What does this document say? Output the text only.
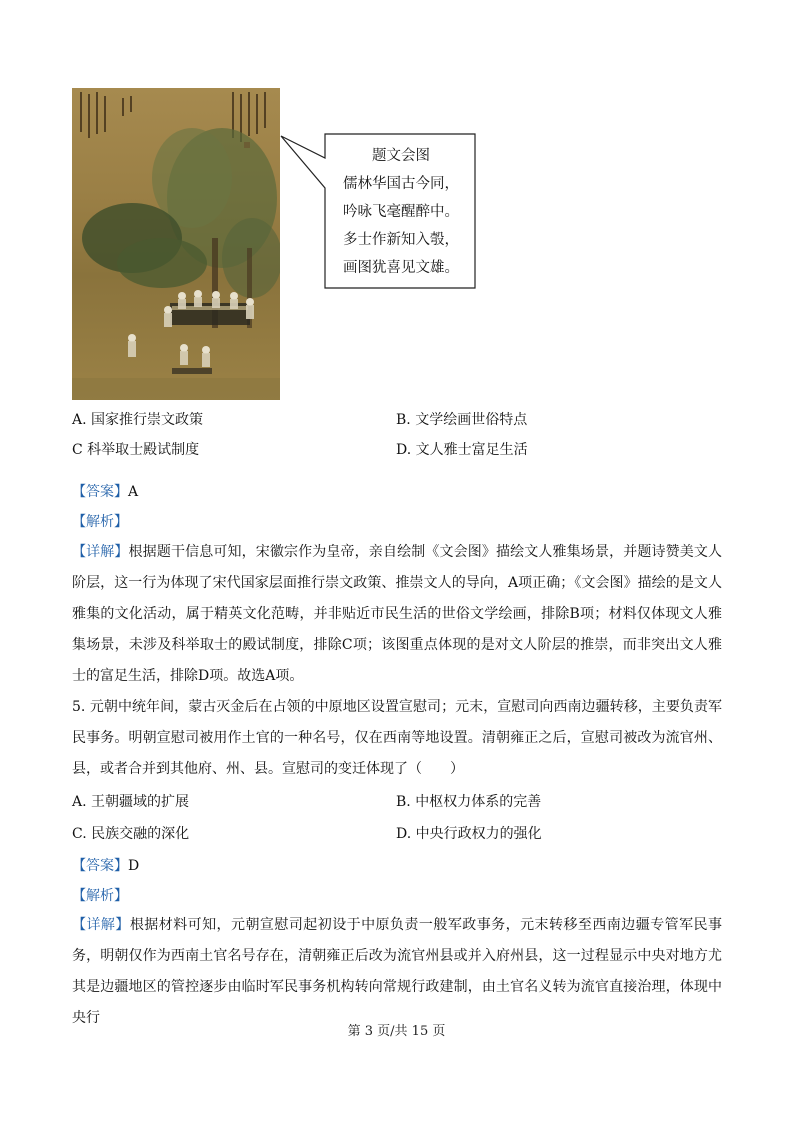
题文会图
儒林华国古今同，
吟咏飞毫醒醉中。
多士作新知入彀，
画图犹喜见文雄。
A. 国家推行崇文政策	B. 文学绘画世俗特点
C 科举取士殿试制度	D. 文人雅士富足生活
【答案】A
【解析】
【详解】根据题干信息可知，宋徽宗作为皇帝，亲自绘制《文会图》描绘文人雅集场景，并题诗赞美文人阶层，这一行为体现了宋代国家层面推行崇文政策、推崇文人的导向，A项正确；《文会图》描绘的是文人雅集的文化活动，属于精英文化范畴，并非贴近市民生活的世俗文学绘画，排除B项；材料仅体现文人雅集场景，未涉及科举取士的殿试制度，排除C项；该图重点体现的是对文人阶层的推崇，而非突出文人雅士的富足生活，排除D项。故选A项。
5. 元朝中统年间，蒙古灭金后在占领的中原地区设置宣慰司；元末，宣慰司向西南边疆转移，主要负责军民事务。明朝宣慰司被用作土官的一种名号，仅在西南等地设置。清朝雍正之后，宣慰司被改为流官州、县，或者合并到其他府、州、县。宣慰司的变迁体现了（　　）
A. 王朝疆域的扩展	B. 中枢权力体系的完善
C. 民族交融的深化	D. 中央行政权力的强化
【答案】D
【解析】
【详解】根据材料可知，元朝宣慰司起初设于中原负责一般军政事务，元末转移至西南边疆专管军民事务，明朝仅作为西南土官名号存在，清朝雍正后改为流官州县或并入府州县，这一过程显示中央对地方尤其是边疆地区的管控逐步由临时军民事务机构转向常规行政建制，由土官名义转为流官直接治理，体现中央行
第 3 页/共 15 页
